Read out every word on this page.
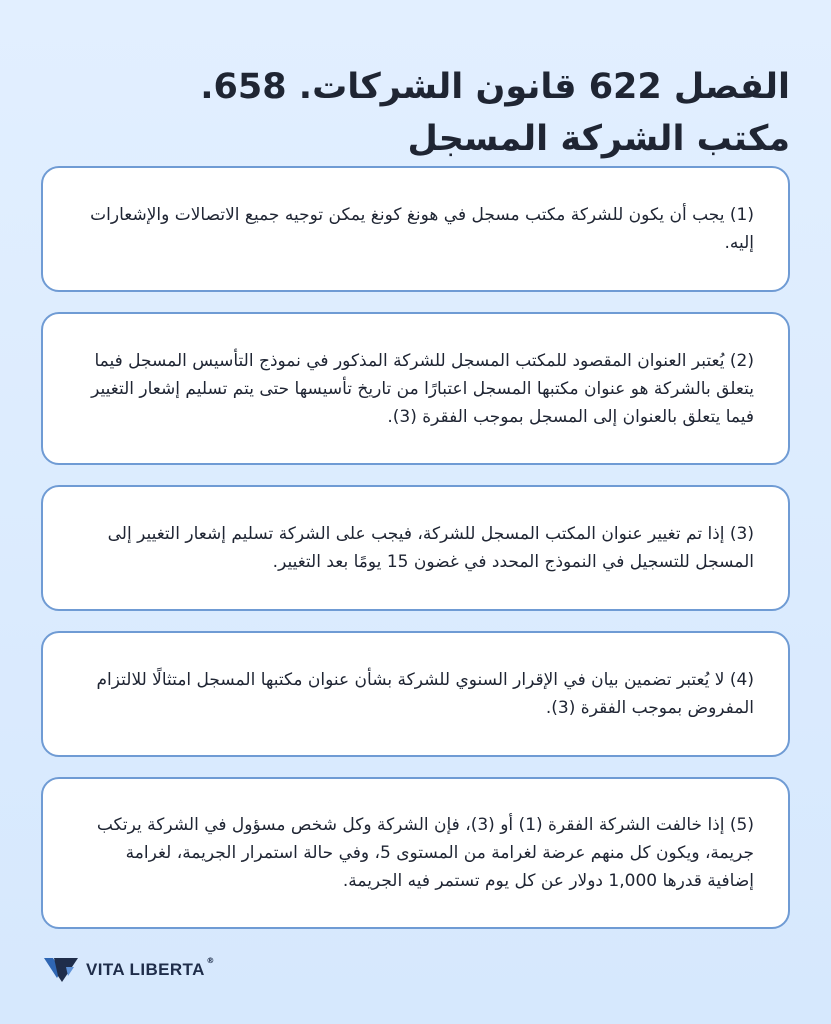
الفصل 622 قانون الشركات. 658.
مكتب الشركة المسجل

(1) يجب أن يكون للشركة مكتب مسجل في هونغ كونغ يمكن توجيه جميع الاتصالات والإشعارات إليه.

(2) يُعتبر العنوان المقصود للمكتب المسجل للشركة المذكور في نموذج التأسيس المسجل فيما يتعلق بالشركة هو عنوان مكتبها المسجل اعتبارًا من تاريخ تأسيسها حتى يتم تسليم إشعار التغيير فيما يتعلق بالعنوان إلى المسجل بموجب الفقرة (3).

(3) إذا تم تغيير عنوان المكتب المسجل للشركة، فيجب على الشركة تسليم إشعار التغيير إلى المسجل للتسجيل في النموذج المحدد في غضون 15 يومًا بعد التغيير.

(4) لا يُعتبر تضمين بيان في الإقرار السنوي للشركة بشأن عنوان مكتبها المسجل امتثالًا للالتزام المفروض بموجب الفقرة (3).

(5) إذا خالفت الشركة الفقرة (1) أو (3)، فإن الشركة وكل شخص مسؤول في الشركة يرتكب جريمة، ويكون كل منهم عرضة لغرامة من المستوى 5، وفي حالة استمرار الجريمة، لغرامة إضافية قدرها 1,000 دولار عن كل يوم تستمر فيه الجريمة.

VITA LIBERTA ®
